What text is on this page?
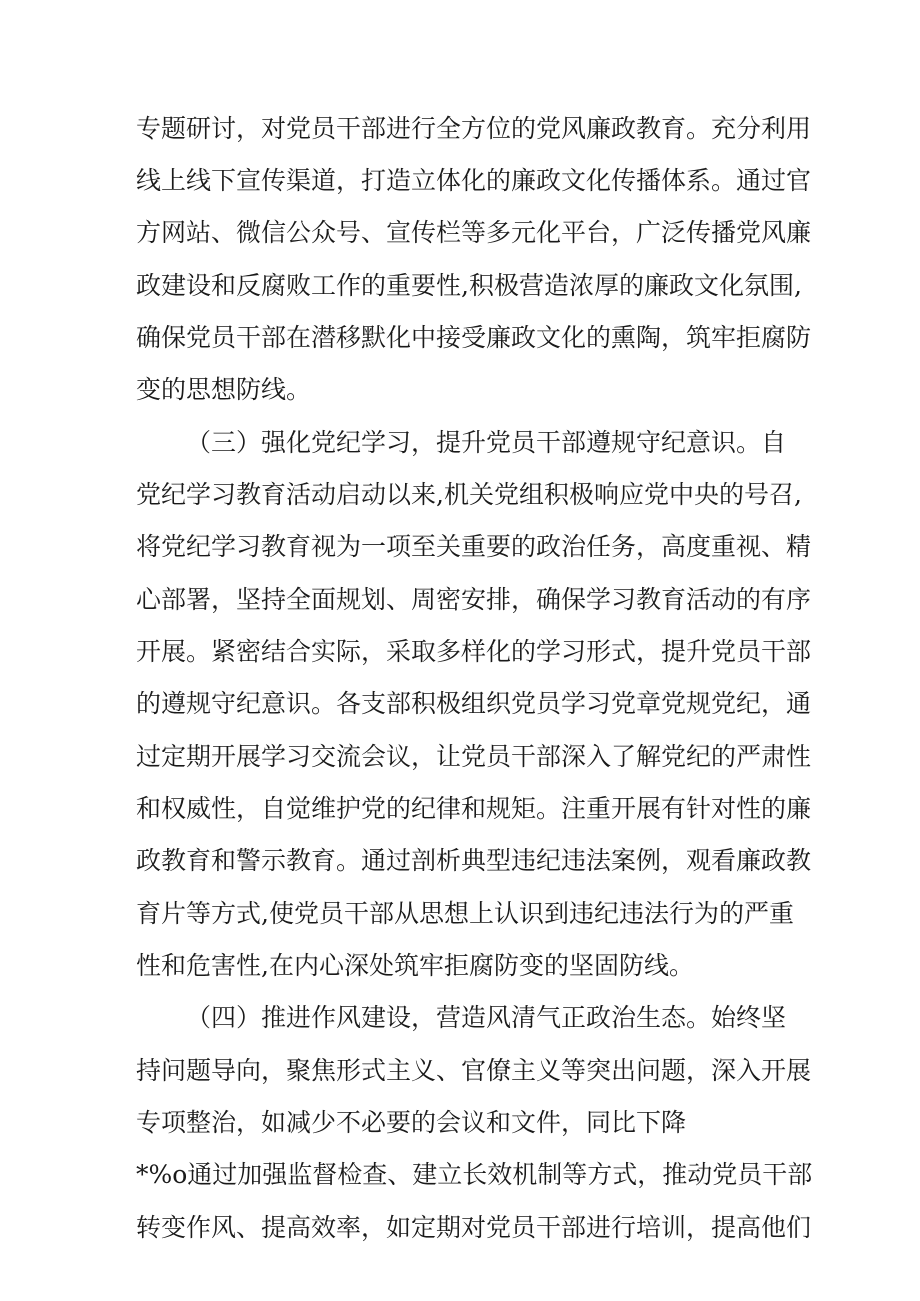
专题研讨，对党员干部进行全方位的党风廉政教育。充分利用
线上线下宣传渠道，打造立体化的廉政文化传播体系。通过官
方网站、微信公众号、宣传栏等多元化平台，广泛传播党风廉
政建设和反腐败工作的重要性,积极营造浓厚的廉政文化氛围,
确保党员干部在潜移默化中接受廉政文化的熏陶，筑牢拒腐防
变的思想防线。
（三）强化党纪学习，提升党员干部遵规守纪意识。自
党纪学习教育活动启动以来,机关党组积极响应党中央的号召,
将党纪学习教育视为一项至关重要的政治任务，高度重视、精
心部署，坚持全面规划、周密安排，确保学习教育活动的有序
开展。紧密结合实际，采取多样化的学习形式，提升党员干部
的遵规守纪意识。各支部积极组织党员学习党章党规党纪，通
过定期开展学习交流会议，让党员干部深入了解党纪的严肃性
和权威性，自觉维护党的纪律和规矩。注重开展有针对性的廉
政教育和警示教育。通过剖析典型违纪违法案例，观看廉政教
育片等方式,使党员干部从思想上认识到违纪违法行为的严重
性和危害性,在内心深处筑牢拒腐防变的坚固防线。
（四）推进作风建设，营造风清气正政治生态。始终坚
持问题导向，聚焦形式主义、官僚主义等突出问题，深入开展
专项整治，如减少不必要的会议和文件，同比下降
*%o通过加强监督检查、建立长效机制等方式，推动党员干部
转变作风、提高效率，如定期对党员干部进行培训，提高他们
